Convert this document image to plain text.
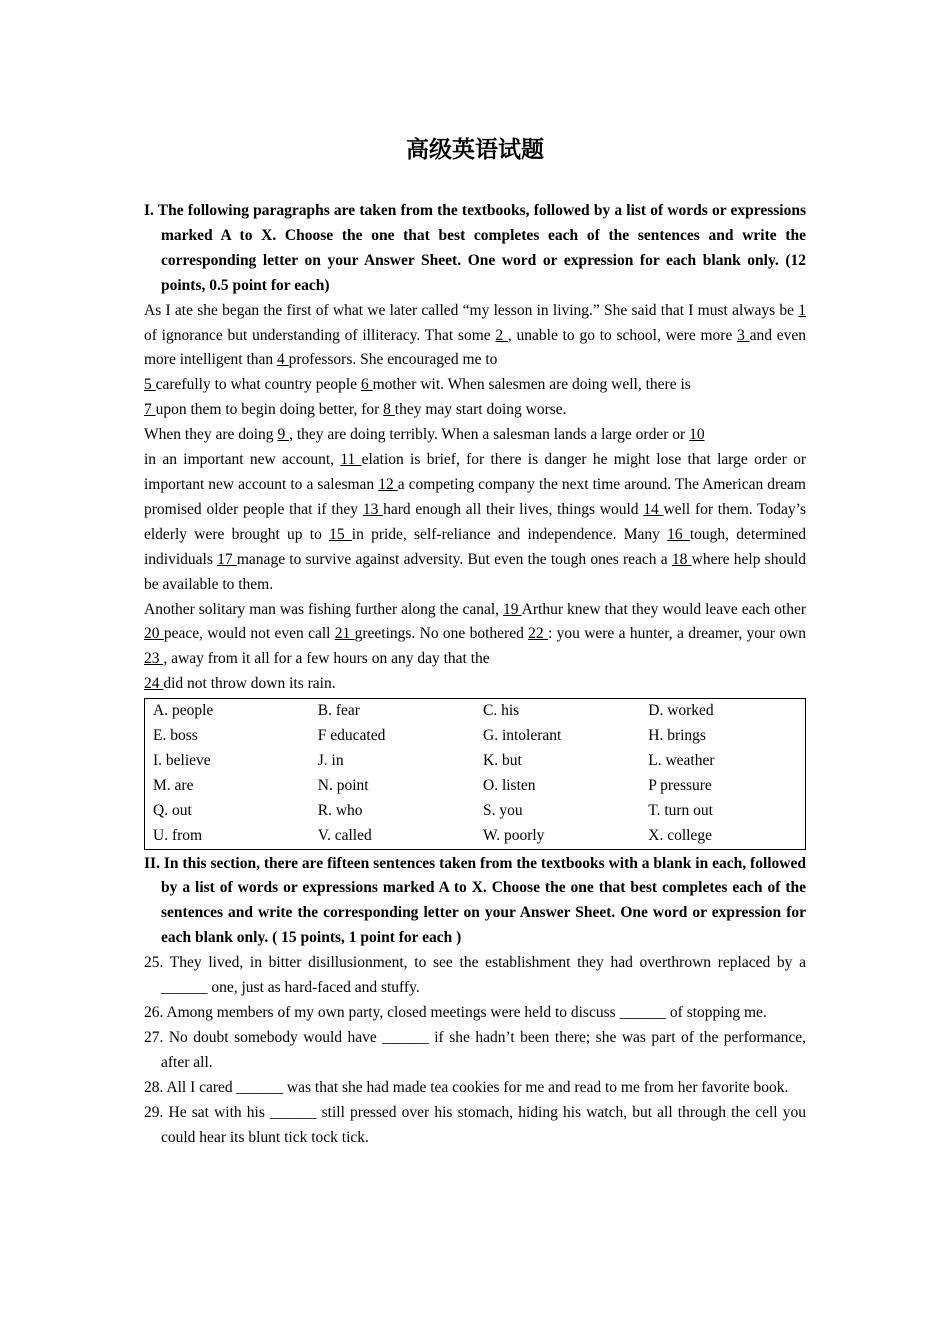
高级英语试题

I. The following paragraphs are taken from the textbooks, followed by a list of words or expressions marked A to X. Choose the one that best completes each of the sentences and write the corresponding letter on your Answer Sheet. One word or expression for each blank only. (12 points, 0.5 point for each)

As I ate she began the first of what we later called “my lesson in living.” She said that I must always be 1 of ignorance but understanding of illiteracy. That some 2 , unable to go to school, were more 3 and even more intelligent than 4 professors. She encouraged me to
5 carefully to what country people 6 mother wit. When salesmen are doing well, there is
7 upon them to begin doing better, for 8 they may start doing worse.

When they are doing 9 , they are doing terribly. When a salesman lands a large order or 10
in an important new account, 11 elation is brief, for there is danger he might lose that large order or important new account to a salesman 12 a competing company the next time around. The American dream promised older people that if they 13 hard enough all their lives, things would 14 well for them. Today’s elderly were brought up to 15 in pride, self-reliance and independence. Many 16 tough, determined individuals 17 manage to survive against adversity. But even the tough ones reach a 18 where help should be available to them.

Another solitary man was fishing further along the canal, 19 Arthur knew that they would leave each other 20 peace, would not even call 21 greetings. No one bothered 22 : you were a hunter, a dreamer, your own 23 , away from it all for a few hours on any day that the
24 did not throw down its rain.

A. people	B. fear	C. his	D. worked
E. boss	F educated	G. intolerant	H. brings
I. believe	J. in	K. but	L. weather
M. are	N. point	O. listen	P pressure
Q. out	R. who	S. you	T. turn out
U. from	V. called	W. poorly	X. college

II. In this section, there are fifteen sentences taken from the textbooks with a blank in each, followed by a list of words or expressions marked A to X. Choose the one that best completes each of the sentences and write the corresponding letter on your Answer Sheet. One word or expression for each blank only. ( 15 points, 1 point for each )

25. They lived, in bitter disillusionment, to see the establishment they had overthrown replaced by a ______ one, just as hard-faced and stuffy.

26. Among members of my own party, closed meetings were held to discuss ______ of stopping me.

27. No doubt somebody would have ______ if she hadn’t been there; she was part of the performance, after all.

28. All I cared ______ was that she had made tea cookies for me and read to me from her favorite book.

29. He sat with his ______ still pressed over his stomach, hiding his watch, but all through the cell you could hear its blunt tick tock tick.
